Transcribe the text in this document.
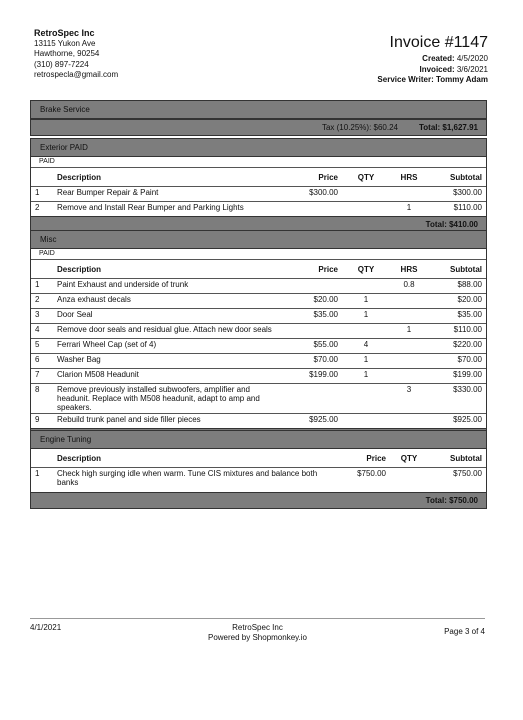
RetroSpec Inc
13115 Yukon Ave
Hawthorne, 90254
(310) 897-7224
retrospecla@gmail.com
Invoice #1147
Created: 4/5/2020
Invoiced: 3/6/2021
Service Writer: Tommy Adam
Brake Service
Tax (10.25%): $60.24	Total: $1,627.91
Exterior PAID
PAID
	Description	Price	QTY	HRS	Subtotal
1	Rear Bumper Repair & Paint	$300.00			$300.00
2	Remove and Install Rear Bumper and Parking Lights			1	$110.00
Total: $410.00
Misc
PAID
	Description	Price	QTY	HRS	Subtotal
1	Paint Exhaust and underside of trunk			0.8	$88.00
2	Anza exhaust decals	$20.00	1		$20.00
3	Door Seal	$35.00	1		$35.00
4	Remove door seals and residual glue. Attach new door seals			1	$110.00
5	Ferrari Wheel Cap (set of 4)	$55.00	4		$220.00
6	Washer Bag	$70.00	1		$70.00
7	Clarion M508 Headunit	$199.00	1		$199.00
8	Remove previously installed subwoofers, amplifier and headunit. Replace with M508 headunit, adapt to amp and speakers.			3	$330.00
9	Rebuild trunk panel and side filler pieces	$925.00			$925.00
Engine Tuning
	Description	Price	QTY	Subtotal
1	Check high surging idle when warm. Tune CIS mixtures and balance both banks	$750.00		$750.00
Total: $750.00
4/1/2021	RetroSpec Inc
Powered by Shopmonkey.io
Page 3 of 4
